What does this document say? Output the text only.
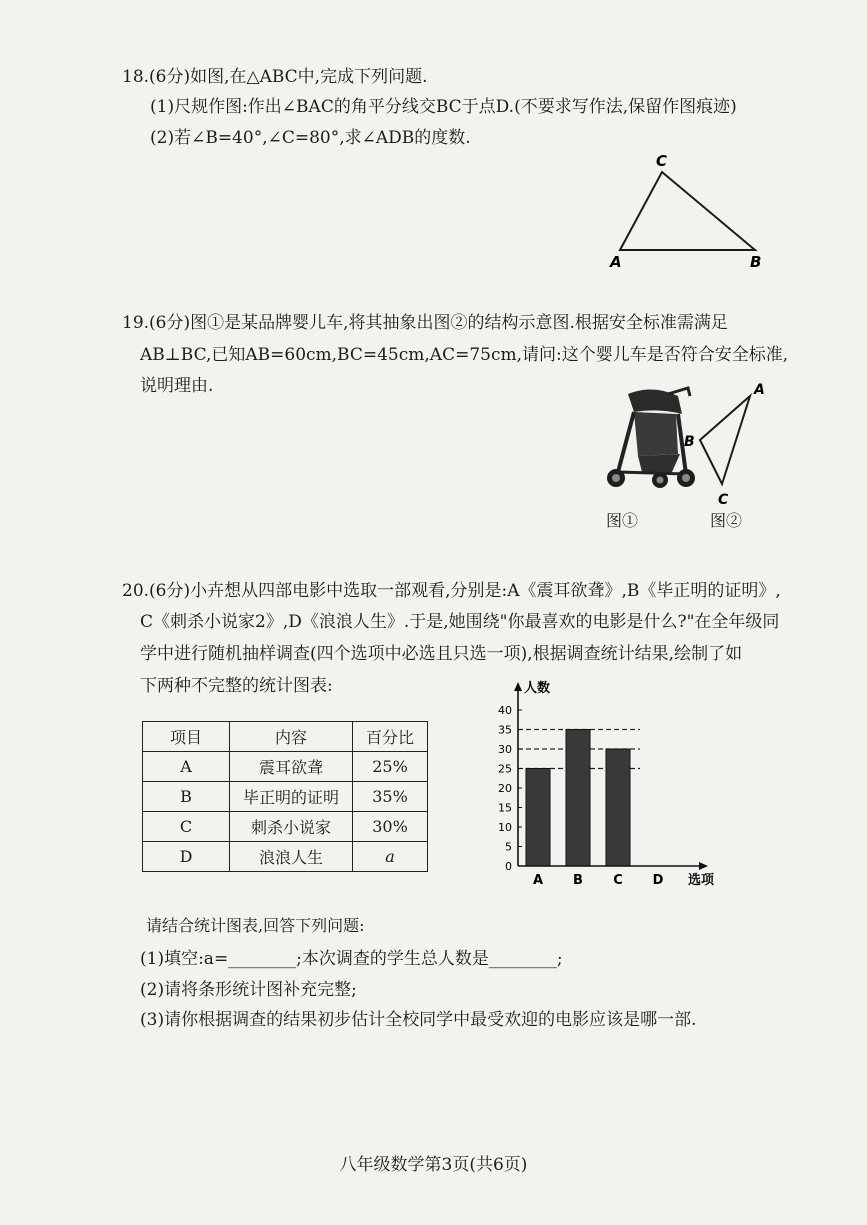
18.(6分)如图,在△ABC中,完成下列问题.
(1)尺规作图:作出∠BAC的角平分线交BC于点D.(不要求写作法,保留作图痕迹)
(2)若∠B=40°,∠C=80°,求∠ADB的度数.
C
A	B
19.(6分)图①是某品牌婴儿车,将其抽象出图②的结构示意图.根据安全标准需满足
AB⊥BC,已知AB=60cm,BC=45cm,AC=75cm,请问:这个婴儿车是否符合安全标准,
说明理由.
图①
A
B
C
图②
20.(6分)小卉想从四部电影中选取一部观看,分别是:A《震耳欲聋》,B《毕正明的证明》,
C《刺杀小说家2》,D《浪浪人生》.于是,她围绕"你最喜欢的电影是什么?"在全年级同
学中进行随机抽样调查(四个选项中必选且只选一项),根据调查统计结果,绘制了如
下两种不完整的统计图表:
项目	内容	百分比
A	震耳欲聋	25%
B	毕正明的证明	35%
C	刺杀小说家	30%
D	浪浪人生	a
A B C D
0
5
10
15
20
25
30
35
40
人数
选项
请结合统计图表,回答下列问题:
(1)填空:a=________;本次调查的学生总人数是________;
(2)请将条形统计图补充完整;
(3)请你根据调查的结果初步估计全校同学中最受欢迎的电影应该是哪一部.
八年级数学第3页(共6页)
